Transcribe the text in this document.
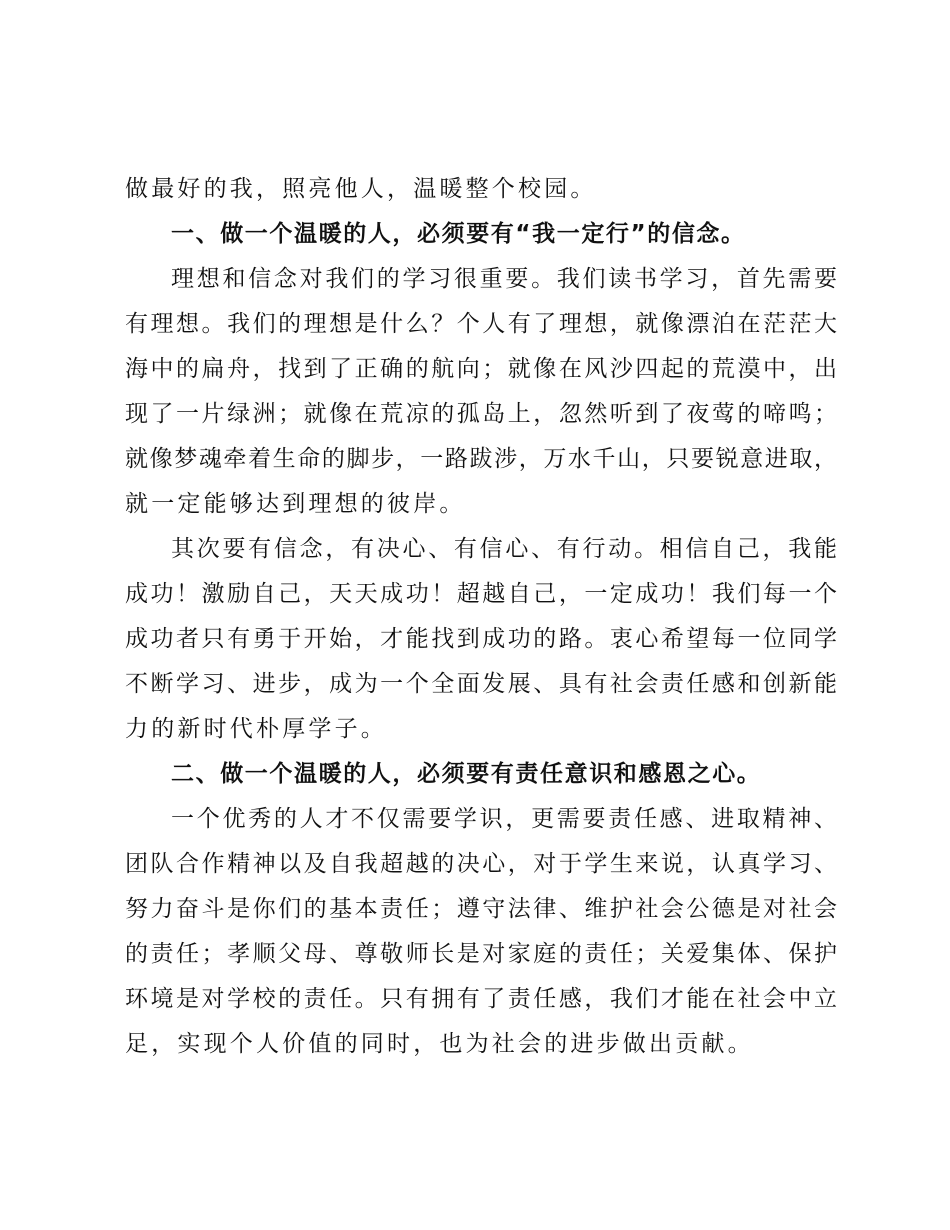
做最好的我，照亮他人，温暖整个校园。
一、做一个温暖的人，必须要有“我一定行”的信念。
理想和信念对我们的学习很重要。我们读书学习，首先需要
有理想。我们的理想是什么？个人有了理想，就像漂泊在茫茫大
海中的扁舟，找到了正确的航向；就像在风沙四起的荒漠中，出
现了一片绿洲；就像在荒凉的孤岛上，忽然听到了夜莺的啼鸣；
就像梦魂牵着生命的脚步，一路跋涉，万水千山，只要锐意进取，
就一定能够达到理想的彼岸。
其次要有信念，有决心、有信心、有行动。相信自己，我能
成功！激励自己，天天成功！超越自己，一定成功！我们每一个
成功者只有勇于开始，才能找到成功的路。衷心希望每一位同学
不断学习、进步，成为一个全面发展、具有社会责任感和创新能
力的新时代朴厚学子。
二、做一个温暖的人，必须要有责任意识和感恩之心。
一个优秀的人才不仅需要学识，更需要责任感、进取精神、
团队合作精神以及自我超越的决心，对于学生来说，认真学习、
努力奋斗是你们的基本责任；遵守法律、维护社会公德是对社会
的责任；孝顺父母、尊敬师长是对家庭的责任；关爱集体、保护
环境是对学校的责任。只有拥有了责任感，我们才能在社会中立
足，实现个人价值的同时，也为社会的进步做出贡献。
